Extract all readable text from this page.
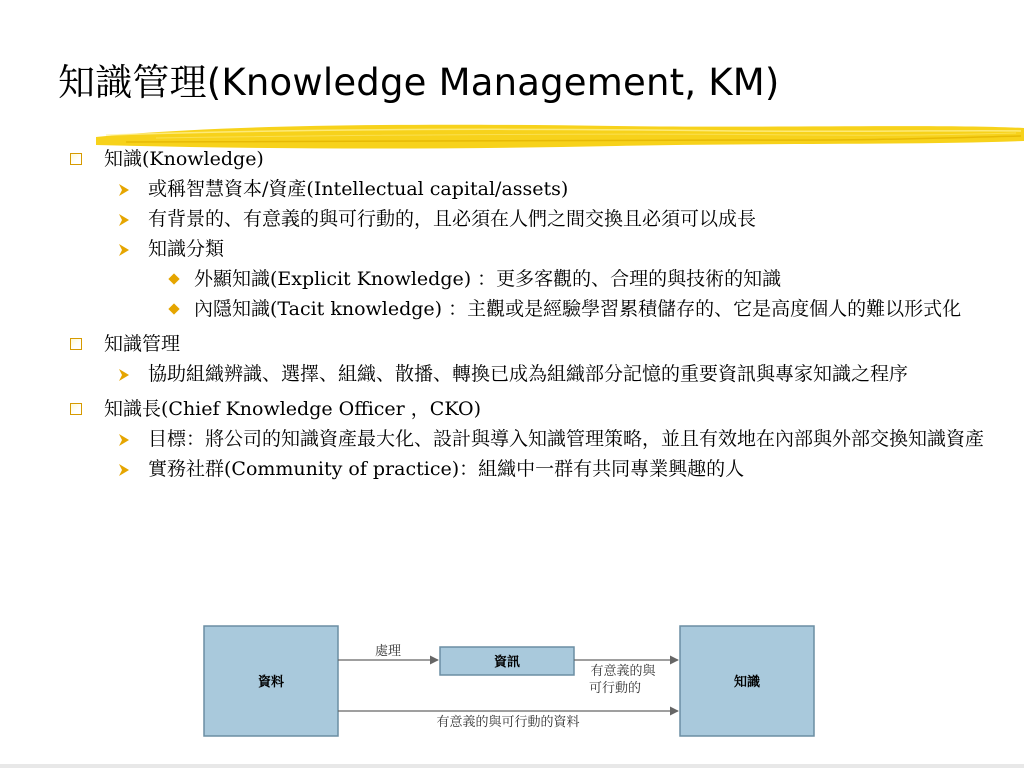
知識管理(Knowledge Management, KM)
知識(Knowledge)
或稱智慧資本/資產(Intellectual capital/assets)
有背景的、有意義的與可行動的，且必須在人們之間交換且必須可以成長
知識分類
外顯知識(Explicit Knowledge) ：更多客觀的、合理的與技術的知識
內隱知識(Tacit knowledge) ：主觀或是經驗學習累積儲存的、它是高度個人的難以形式化
知識管理
協助組織辨識、選擇、組織、散播、轉換已成為組織部分記憶的重要資訊與專家知識之程序
知識長(Chief Knowledge Officer ，CKO)
目標：將公司的知識資產最大化、設計與導入知識管理策略，並且有效地在內部與外部交換知識資產
實務社群(Community of practice)：組織中一群有共同專業興趣的人
資料
資訊
知識
處理
有意義的與
可行動的
有意義的與可行動的資料
